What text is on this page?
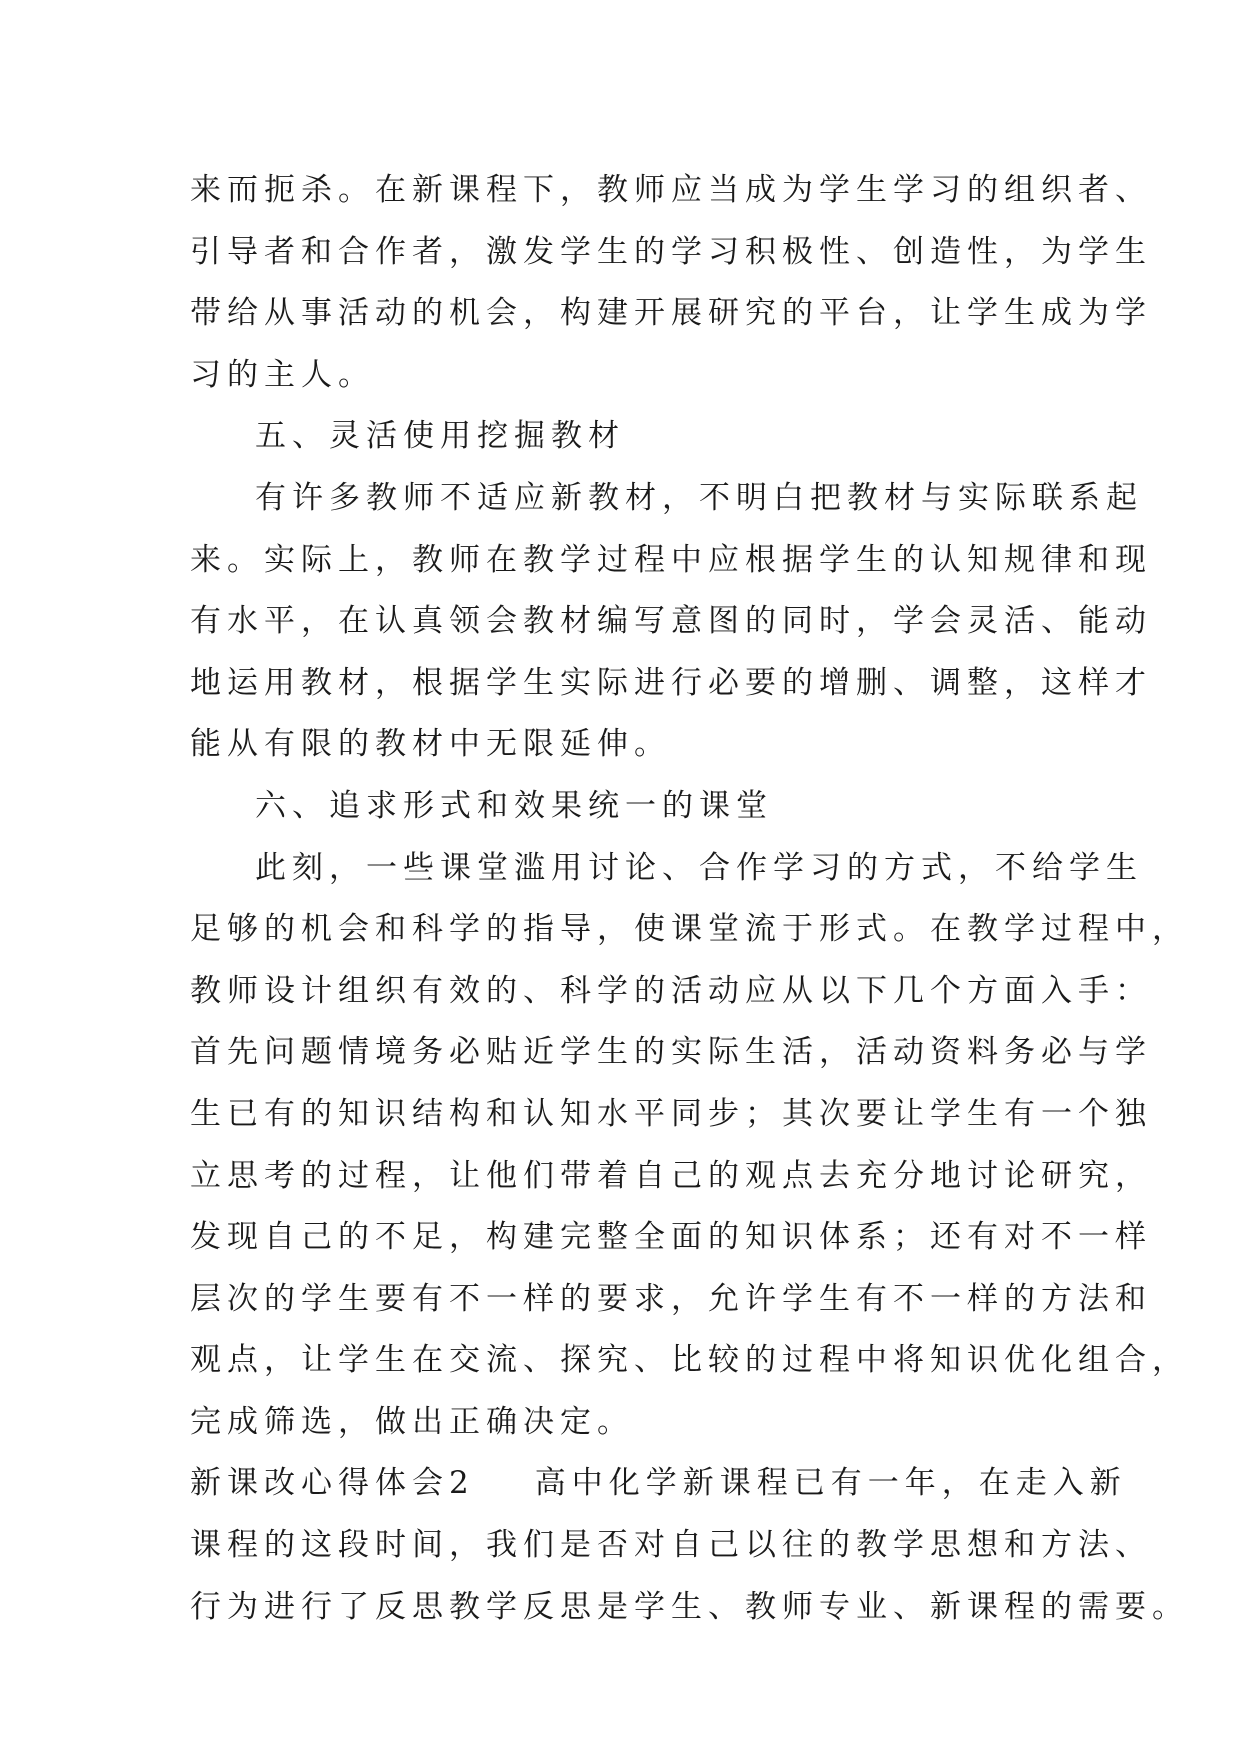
来而扼杀。在新课程下，教师应当成为学生学习的组织者、
引导者和合作者，激发学生的学习积极性、创造性，为学生
带给从事活动的机会，构建开展研究的平台，让学生成为学
习的主人。
五、灵活使用挖掘教材
有许多教师不适应新教材，不明白把教材与实际联系起
来。实际上，教师在教学过程中应根据学生的认知规律和现
有水平，在认真领会教材编写意图的同时，学会灵活、能动
地运用教材，根据学生实际进行必要的增删、调整，这样才
能从有限的教材中无限延伸。
六、追求形式和效果统一的课堂
此刻，一些课堂滥用讨论、合作学习的方式，不给学生
足够的机会和科学的指导，使课堂流于形式。在教学过程中，
教师设计组织有效的、科学的活动应从以下几个方面入手：
首先问题情境务必贴近学生的实际生活，活动资料务必与学
生已有的知识结构和认知水平同步；其次要让学生有一个独
立思考的过程，让他们带着自己的观点去充分地讨论研究，
发现自己的不足，构建完整全面的知识体系；还有对不一样
层次的学生要有不一样的要求，允许学生有不一样的方法和
观点，让学生在交流、探究、比较的过程中将知识优化组合，
完成筛选，做出正确决定。
新课改心得体会2 高中化学新课程已有一年，在走入新
课程的这段时间，我们是否对自己以往的教学思想和方法、
行为进行了反思教学反思是学生、教师专业、新课程的需要。
